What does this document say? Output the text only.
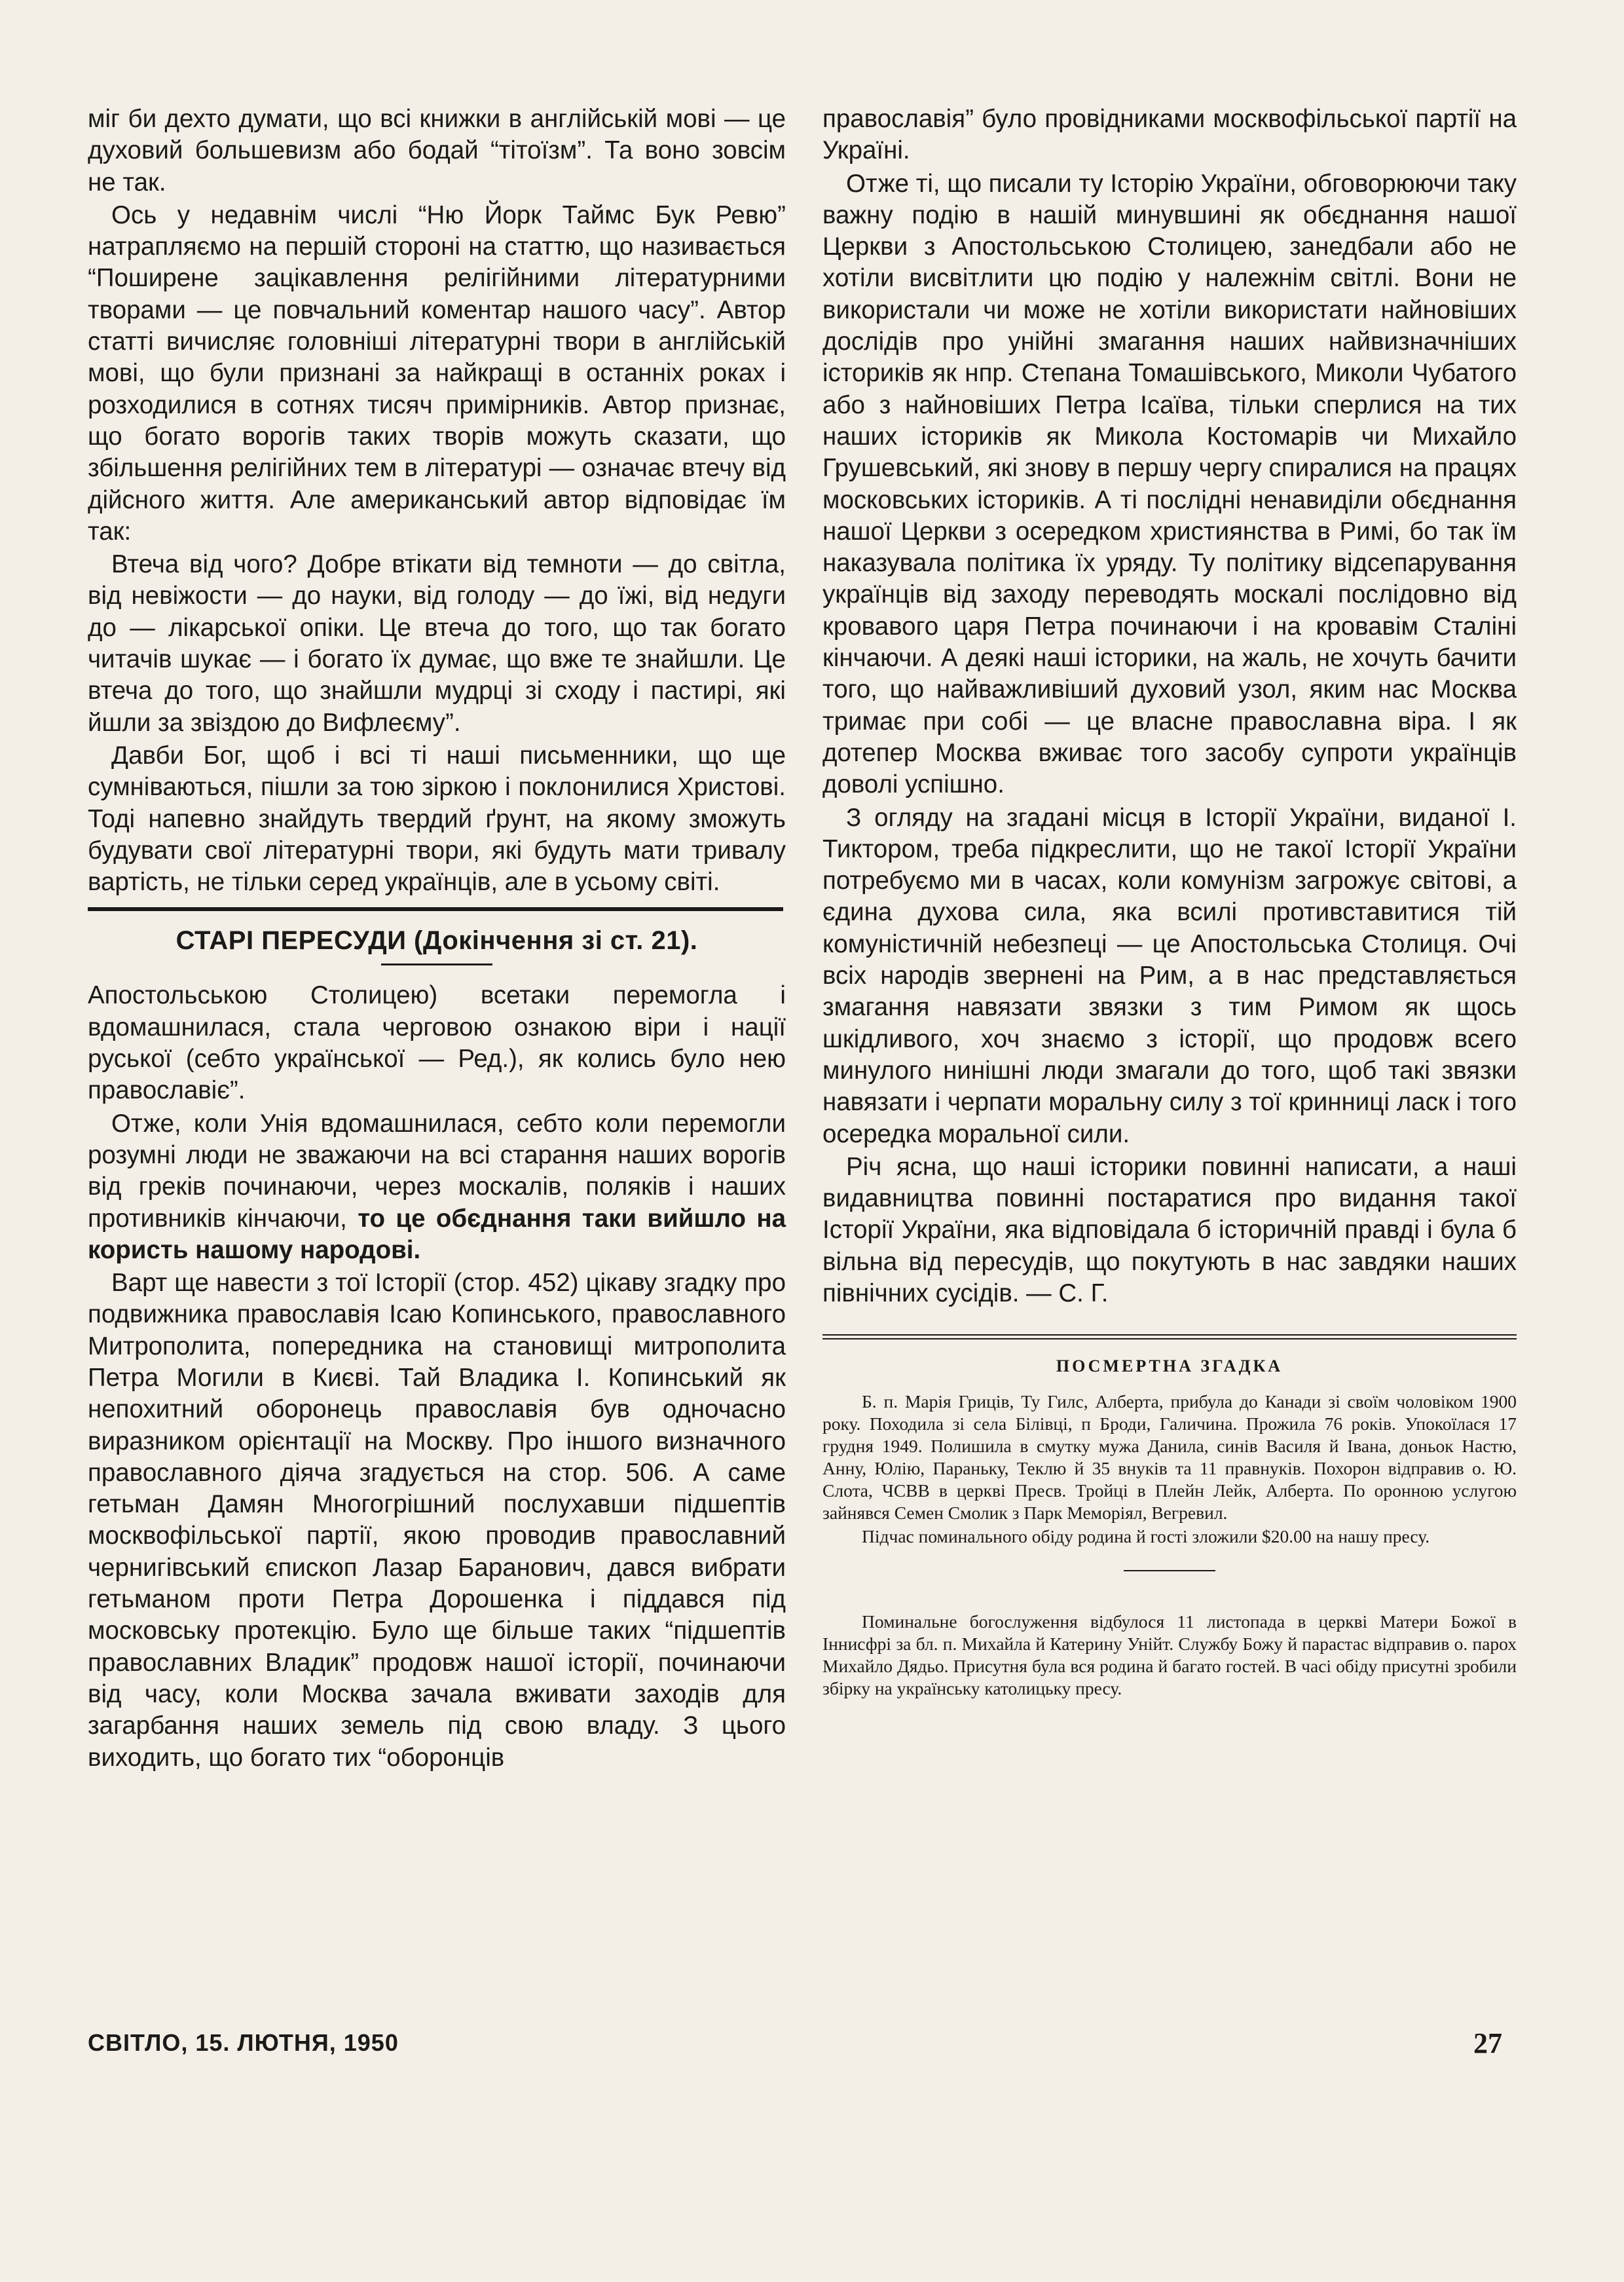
міг би дехто думати, що всі книжки в англійській мові — це духовий большевизм або бодай “тітоїзм”. Та воно зовсім не так.

Ось у недавнім числі “Ню Йорк Таймс Бук Ревю” натрапляємо на першій стороні на статтю, що називається “Поширене зацікавлення релігійними літературними творами — це повчальний коментар нашого часу”. Автор статті вичисляє головніші літературні твори в англійській мові, що були признані за найкращі в останніх роках і розходилися в сотнях тисяч примірників. Автор признає, що богато ворогів таких творів можуть сказати, що збільшення релігійних тем в літературі — означає втечу від дійсного життя. Але американський автор відповідає їм так:

Втеча від чого? Добре втікати від темноти — до світла, від невіжости — до науки, від голоду — до їжі, від недуги до — лікарської опіки. Це втеча до того, що так богато читачів шукає — і богато їх думає, що вже те знайшли. Це втеча до того, що знайшли мудрці зі сходу і пастирі, які йшли за звіздою до Вифлеєму”.

Давби Бог, щоб і всі ті наші письменники, що ще сумніваються, пішли за тою зіркою і поклонилися Христові. Тоді напевно знайдуть твердий ґрунт, на якому зможуть будувати свої літературні твори, які будуть мати тривалу вартість, не тільки серед українців, але в усьому світі.

СТАРІ ПЕРЕСУДИ (Докінчення зі ст. 21).

Апостольською Столицею) всетаки перемогла і вдомашнилася, стала черговою ознакою віри і нації руської (себто української — Ред.), як колись було нею православіє”.

Отже, коли Унія вдомашнилася, себто коли перемогли розумні люди не зважаючи на всі старання наших ворогів від греків починаючи, через москалів, поляків і наших противників кінчаючи, то це обєднання таки вийшло на користь нашому народові.

Варт ще навести з тої Історії (стор. 452) цікаву згадку про подвижника православія Ісаю Копинського, православного Митрополита, попередника на становищі митрополита Петра Могили в Києві. Тай Владика І. Копинський як непохитний оборонець православія був одночасно виразником орієнтації на Москву. Про іншого визначного православного діяча згадується на стор. 506. А саме гетьман Дамян Многогрішний послухавши підшептів москвофільської партії, якою проводив православний чернигівський єпископ Лазар Баранович, дався вибрати гетьманом проти Петра Дорошенка і піддався під московську протекцію. Було ще більше таких “підшептів православних Владик” продовж нашої історії, починаючи від часу, коли Москва зачала вживати заходів для загарбання наших земель під свою владу. З цього виходить, що богато тих “оборонців

православія” було провідниками москвофільської партії на Україні.

Отже ті, що писали ту Історію України, обговорюючи таку важну подію в нашій минувшині як обєднання нашої Церкви з Апостольською Столицею, занедбали або не хотіли висвітлити цю подію у належнім світлі. Вони не використали чи може не хотіли використати найновіших дослідів про унійні змагання наших найвизначніших істориків як нпр. Степана Томашівського, Миколи Чубатого або з найновіших Петра Ісаїва, тільки сперлися на тих наших істориків як Микола Костомарів чи Михайло Грушевський, які знову в першу чергу спиралися на працях московських істориків. А ті послідні ненавиділи обєднання нашої Церкви з осередком християнства в Римі, бо так їм наказувала політика їх уряду. Ту політику відсепарування українців від заходу переводять москалі послідовно від кровавого царя Петра починаючи і на кровавім Сталіні кінчаючи. А деякі наші історики, на жаль, не хочуть бачити того, що найважливіший духовий узол, яким нас Москва тримає при собі — це власне православна віра. І як дотепер Москва вживає того засобу супроти українців доволі успішно.

З огляду на згадані місця в Історії України, виданої І. Тиктором, треба підкреслити, що не такої Історії України потребуємо ми в часах, коли комунізм загрожує світові, а єдина духова сила, яка всилі противставитися тій комуністичній небезпеці — це Апостольська Столиця. Очі всіх народів звернені на Рим, а в нас представляється змагання навязати звязки з тим Римом як щось шкідливого, хоч знаємо з історії, що продовж всего минулого нинішні люди змагали до того, щоб такі звязки навязати і черпати моральну силу з тої кринниці ласк і того осередка моральної сили.

Річ ясна, що наші історики повинні написати, а наші видавництва повинні постаратися про видання такої Історії України, яка відповідала б історичній правді і була б вільна від пересудів, що покутують в нас завдяки наших північних сусідів. — С. Г.

ПОСМЕРТНА ЗГАДКА

Б. п. Марія Гриців, Ту Гилс, Алберта, прибула до Канади зі своїм чоловіком 1900 року. Походила зі села Білівці, п Броди, Галичина. Прожила 76 років. Упокоїлася 17 грудня 1949. Полишила в смутку мужа Данила, синів Василя й Івана, доньок Настю, Анну, Юлію, Параньку, Теклю й 35 внуків та 11 правнуків. Похорон відправив о. Ю. Слота, ЧСВВ в церкві Пресв. Тройці в Плейн Лейк, Алберта. По оронною услугою зайнявся Семен Смолик з Парк Меморіял, Вегревил.

Підчас поминального обіду родина й гості зложили $20.00 на нашу пресу.

Поминальне богослуження відбулося 11 листопада в церкві Матери Божої в Іннисфрі за бл. п. Михайла й Катерину Унійт. Службу Божу й парастас відправив о. парох Михайло Дядьо. Присутня була вся родина й багато гостей. В часі обіду присутні зробили збірку на українську католицьку пресу.

СВІТЛО, 15. ЛЮТНЯ, 1950	27
